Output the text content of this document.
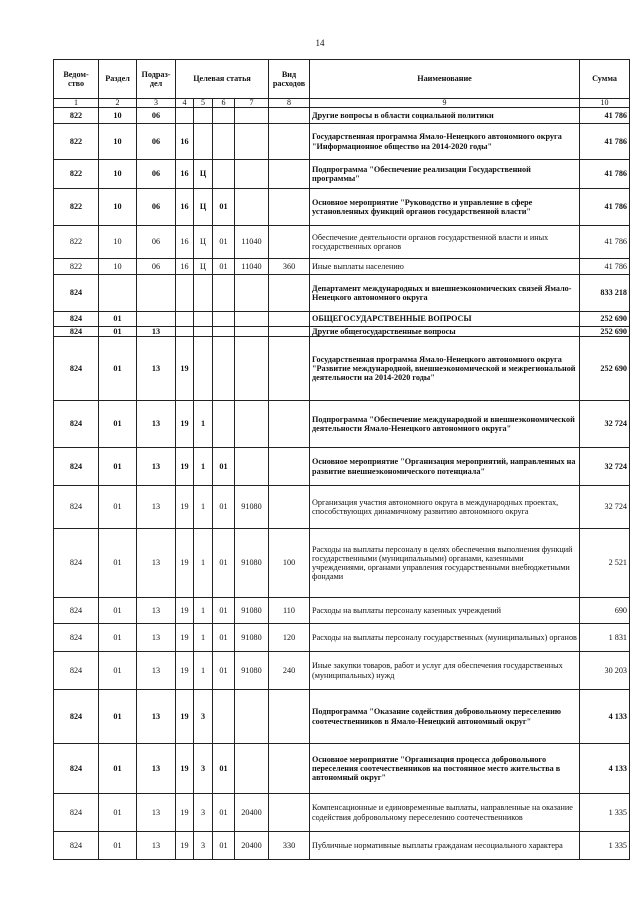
14
Ведом-ство	Раздел	Подраз-дел	Целевая статья				Вид расходов	Наименование	Сумма
1	2	3	4	5	6	7	8	9	10
822	10	06						Другие вопросы в области социальной политики	41 786
822	10	06	16					Государственная программа Ямало-Ненецкого автономного округа "Информационное общество на 2014-2020 годы"	41 786
822	10	06	16	Ц				Подпрограмма "Обеспечение реализации Государственной программы"	41 786
822	10	06	16	Ц	01			Основное мероприятие "Руководство и управление в сфере установленных функций органов государственной власти"	41 786
822	10	06	16	Ц	01	11040		Обеспечение деятельности органов государственной власти и иных государственных органов	41 786
822	10	06	16	Ц	01	11040	360	Иные выплаты населению	41 786
824								Департамент международных и внешнеэкономических связей Ямало-Ненецкого автономного округа	833 218
824	01							ОБЩЕГОСУДАРСТВЕННЫЕ ВОПРОСЫ	252 690
824	01	13						Другие общегосударственные вопросы	252 690
824	01	13	19					Государственная программа Ямало-Ненецкого автономного округа "Развитие международной, внешнеэкономической и межрегиональной деятельности на 2014-2020 годы"	252 690
824	01	13	19	1				Подпрограмма "Обеспечение международной и внешнеэкономической деятельности Ямало-Ненецкого автономного округа"	32 724
824	01	13	19	1	01			Основное мероприятие "Организация мероприятий, направленных на развитие внешнеэкономического потенциала"	32 724
824	01	13	19	1	01	91080		Организация участия автономного округа в международных проектах, способствующих динамичному развитию автономного округа	32 724
824	01	13	19	1	01	91080	100	Расходы на выплаты персоналу в целях обеспечения выполнения функций государственными (муниципальными) органами, казенными учреждениями, органами управления государственными внебюджетными фондами	2 521
824	01	13	19	1	01	91080	110	Расходы на выплаты персоналу казенных учреждений	690
824	01	13	19	1	01	91080	120	Расходы на выплаты персоналу государственных (муниципальных) органов	1 831
824	01	13	19	1	01	91080	240	Иные закупки товаров, работ и услуг для обеспечения государственных (муниципальных) нужд	30 203
824	01	13	19	3				Подпрограмма "Оказание содействия добровольному переселению соотечественников в Ямало-Ненецкий автономный округ"	4 133
824	01	13	19	3	01			Основное мероприятие "Организация процесса добровольного переселения соотечественников на постоянное место жительства в автономный округ"	4 133
824	01	13	19	3	01	20400		Компенсационные и единовременные выплаты, направленные на оказание содействия добровольному переселению соотечественников	1 335
824	01	13	19	3	01	20400	330	Публичные нормативные выплаты гражданам несоциального характера	1 335
